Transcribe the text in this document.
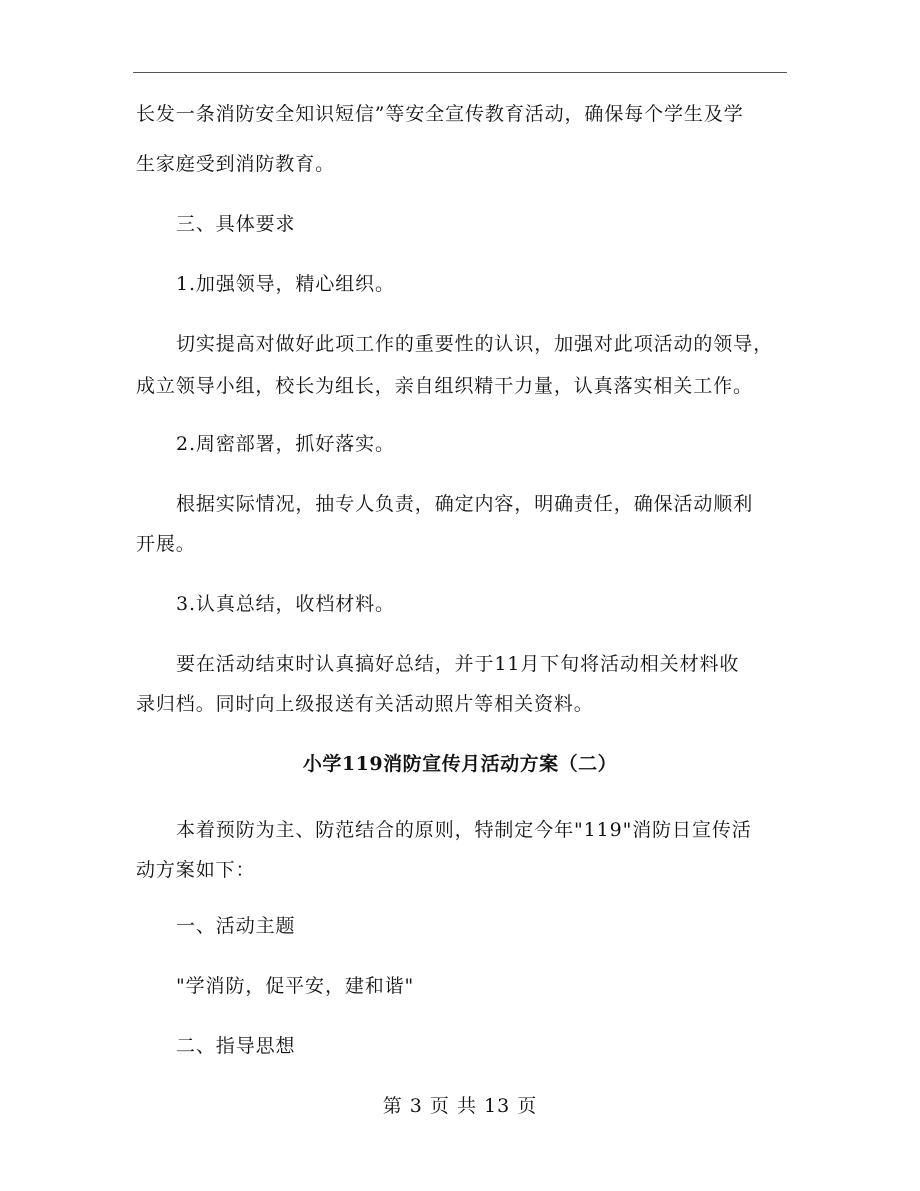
长发一条消防安全知识短信”等安全宣传教育活动，确保每个学生及学
生家庭受到消防教育。
三、具体要求
1.加强领导，精心组织。
切实提高对做好此项工作的重要性的认识，加强对此项活动的领导，
成立领导小组，校长为组长，亲自组织精干力量，认真落实相关工作。
2.周密部署，抓好落实。
根据实际情况，抽专人负责，确定内容，明确责任，确保活动顺利
开展。
3.认真总结，收档材料。
要在活动结束时认真搞好总结，并于11月下旬将活动相关材料收
录归档。同时向上级报送有关活动照片等相关资料。
小学119消防宣传月活动方案（二）
本着预防为主、防范结合的原则，特制定今年"119"消防日宣传活
动方案如下：
一、活动主题
"学消防，促平安，建和谐"
二、指导思想
第 3 页 共 13 页
